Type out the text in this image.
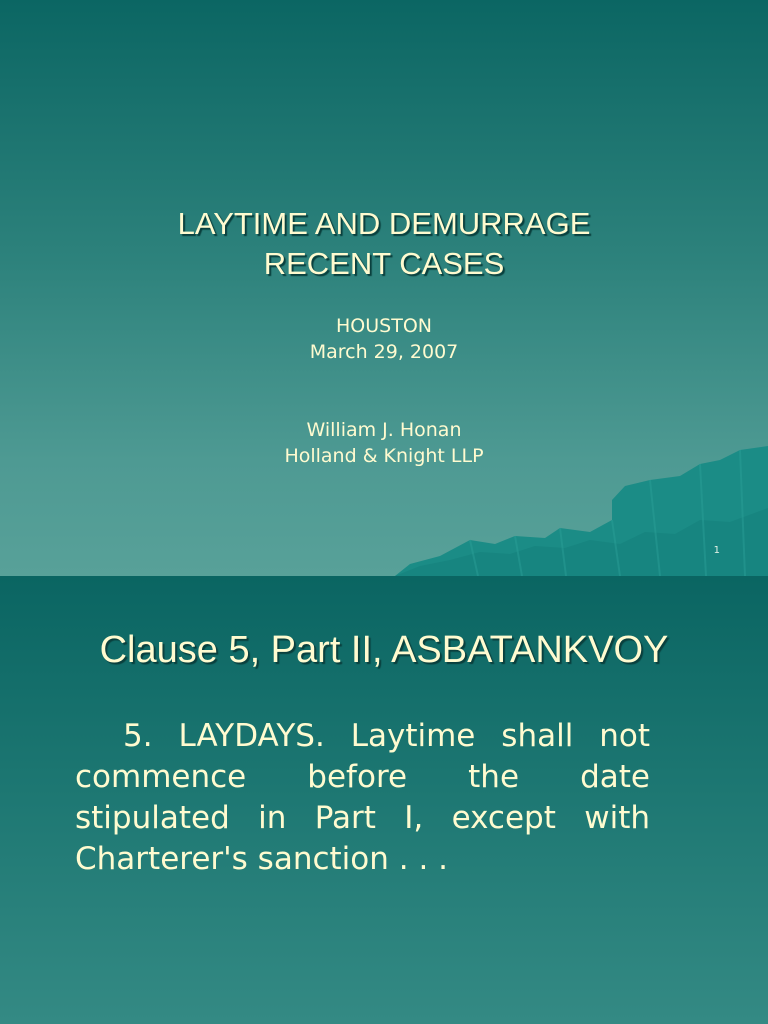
LAYTIME AND DEMURRAGE
RECENT CASES
HOUSTON
March 29, 2007
William J. Honan
Holland & Knight LLP
1
Clause 5, Part II, ASBATANKVOY

5. LAYDAYS. Laytime shall not commence before the date stipulated in Part I, except with Charterer's sanction . . .
